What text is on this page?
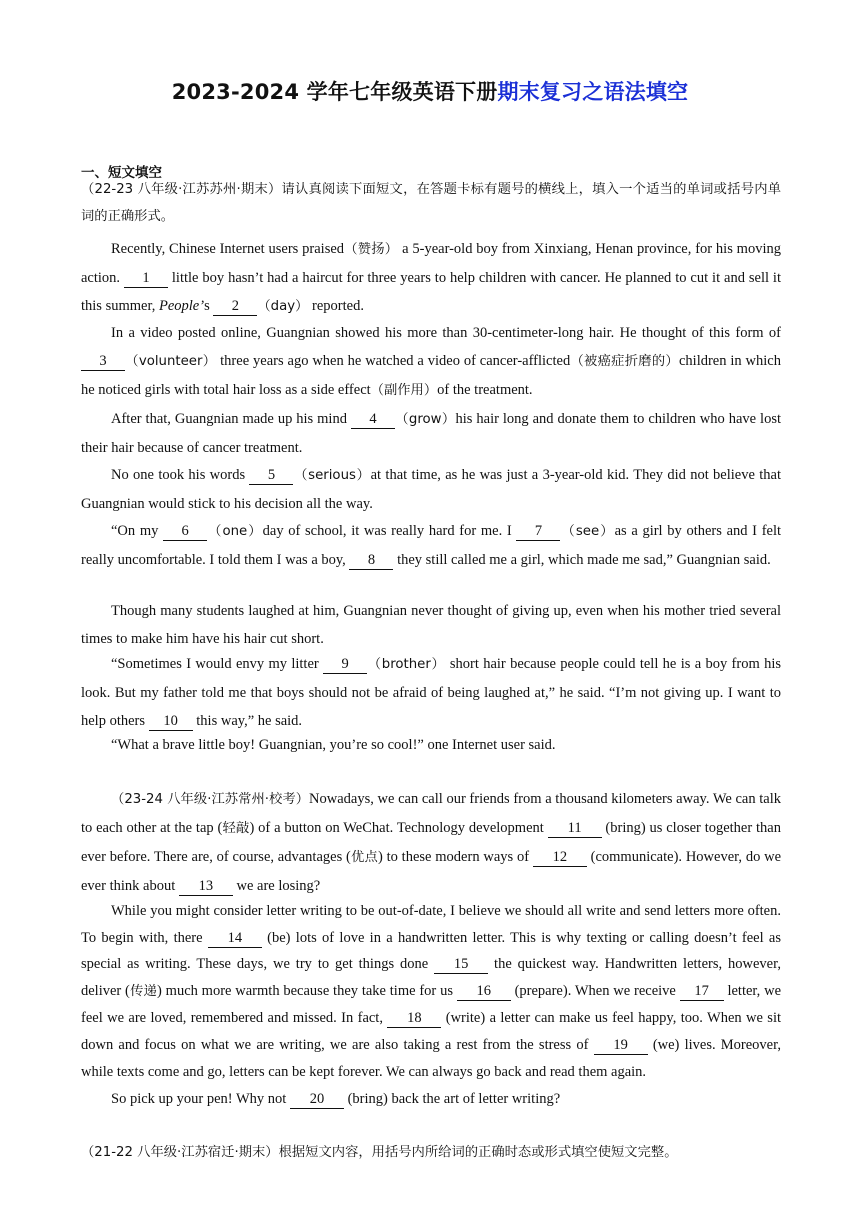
2023-2024 学年七年级英语下册期末复习之语法填空
一、短文填空

（22-23 八年级·江苏苏州·期末）请认真阅读下面短文，在答题卡标有题号的横线上，填入一个适当的单词或括号内单词的正确形式。

Recently, Chinese Internet users praised（赞扬） a 5-year-old boy from Xinxiang, Henan province, for his moving action. 1 little boy hasn’t had a haircut for three years to help children with cancer. He planned to cut it and sell it this summer, People’s 2 （day） reported.

In a video posted online, Guangnian showed his more than 30-centimeter-long hair. He thought of this form of 3 （volunteer） three years ago when he watched a video of cancer-afflicted（被癌症折磨的）children in which he noticed girls with total hair loss as a side effect（副作用）of the treatment.

After that, Guangnian made up his mind 4 （grow）his hair long and donate them to children who have lost their hair because of cancer treatment.

No one took his words 5 （serious）at that time, as he was just a 3-year-old kid. They did not believe that Guangnian would stick to his decision all the way.

“On my 6 （one）day of school, it was really hard for me. I 7 （see）as a girl by others and I felt really uncomfortable. I told them I was a boy, 8 they still called me a girl, which made me sad,” Guangnian said.

Though many students laughed at him, Guangnian never thought of giving up, even when his mother tried several times to make him have his hair cut short.

“Sometimes I would envy my litter 9 （brother） short hair because people could tell he is a boy from his look. But my father told me that boys should not be afraid of being laughed at,” he said. “I’m not giving up. I want to help others 10 this way,” he said.

“What a brave little boy! Guangnian, you’re so cool!” one Internet user said.

（23-24 八年级·江苏常州·校考）Nowadays, we can call our friends from a thousand kilometers away. We can talk to each other at the tap (轻敲) of a button on WeChat. Technology development 11 (bring) us closer together than ever before. There are, of course, advantages (优点) to these modern ways of 12 (communicate). However, do we ever think about 13 we are losing?

While you might consider letter writing to be out-of-date, I believe we should all write and send letters more often. To begin with, there 14 (be) lots of love in a handwritten letter. This is why texting or calling doesn’t feel as special as writing. These days, we try to get things done 15 the quickest way. Handwritten letters, however, deliver (传递) much more warmth because they take time for us 16 (prepare). When we receive 17 letter, we feel we are loved, remembered and missed. In fact, 18 (write) a letter can make us feel happy, too. When we sit down and focus on what we are writing, we are also taking a rest from the stress of 19 (we) lives. Moreover, while texts come and go, letters can be kept forever. We can always go back and read them again.

So pick up your pen! Why not 20 (bring) back the art of letter writing?

（21-22 八年级·江苏宿迁·期末）根据短文内容，用括号内所给词的正确时态或形式填空使短文完整。
